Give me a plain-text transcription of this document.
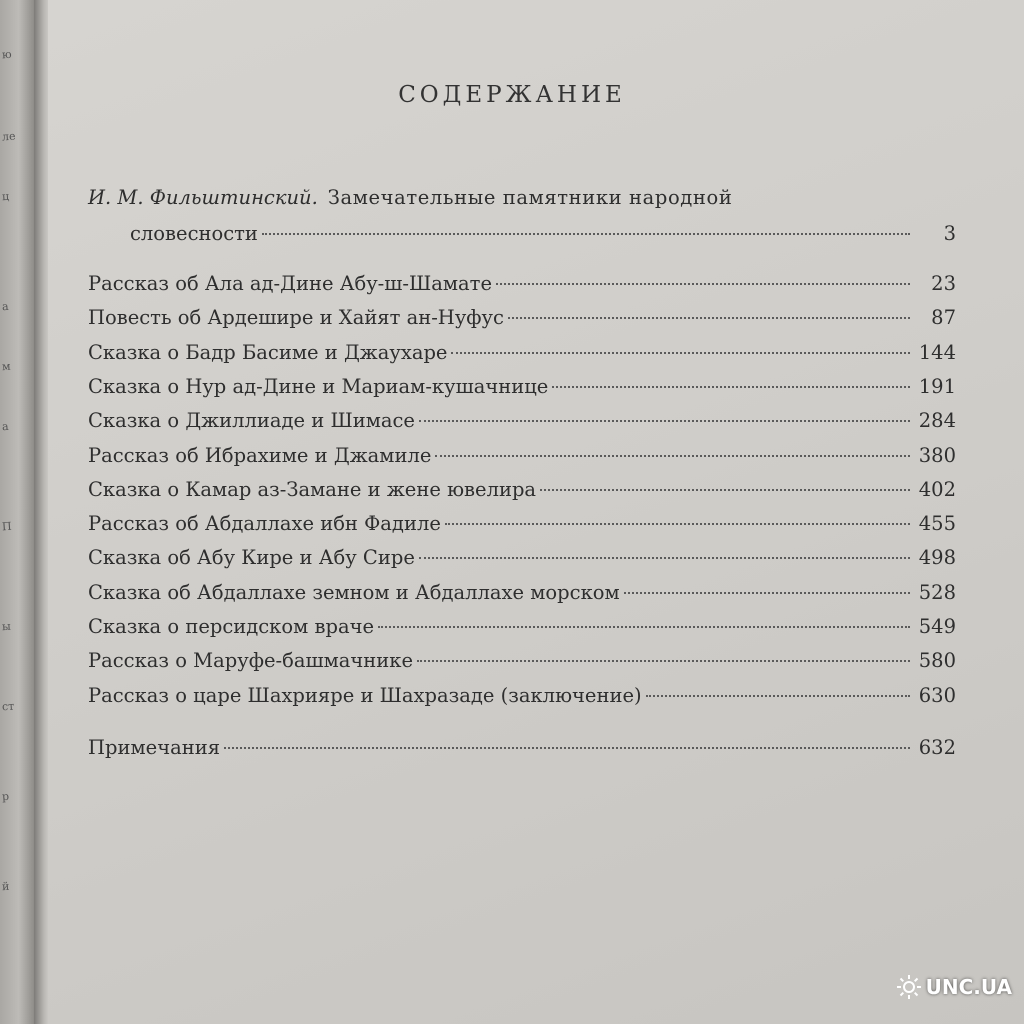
ю
ле
ц
а
м
а
П
ы
ст
р
й
СОДЕРЖАНИЕ
И. М. Фильштинский. Замечательные памятники народной
словесности	3
Рассказ об Ала ад-Дине Абу-ш-Шамате	23
Повесть об Ардешире и Хайят ан-Нуфус	87
Сказка о Бадр Басиме и Джаухаре	144
Сказка о Нур ад-Дине и Мариам-кушачнице	191
Сказка о Джиллиаде и Шимасе	284
Рассказ об Ибрахиме и Джамиле	380
Сказка о Камар аз-Замане и жене ювелира	402
Рассказ об Абдаллахе ибн Фадиле	455
Сказка об Абу Кире и Абу Сире	498
Сказка об Абдаллахе земном и Абдаллахе морском	528
Сказка о персидском враче	549
Рассказ о Маруфе-башмачнике	580
Рассказ о царе Шахрияре и Шахразаде (заключение)	630
Примечания	632
UNC.UA
